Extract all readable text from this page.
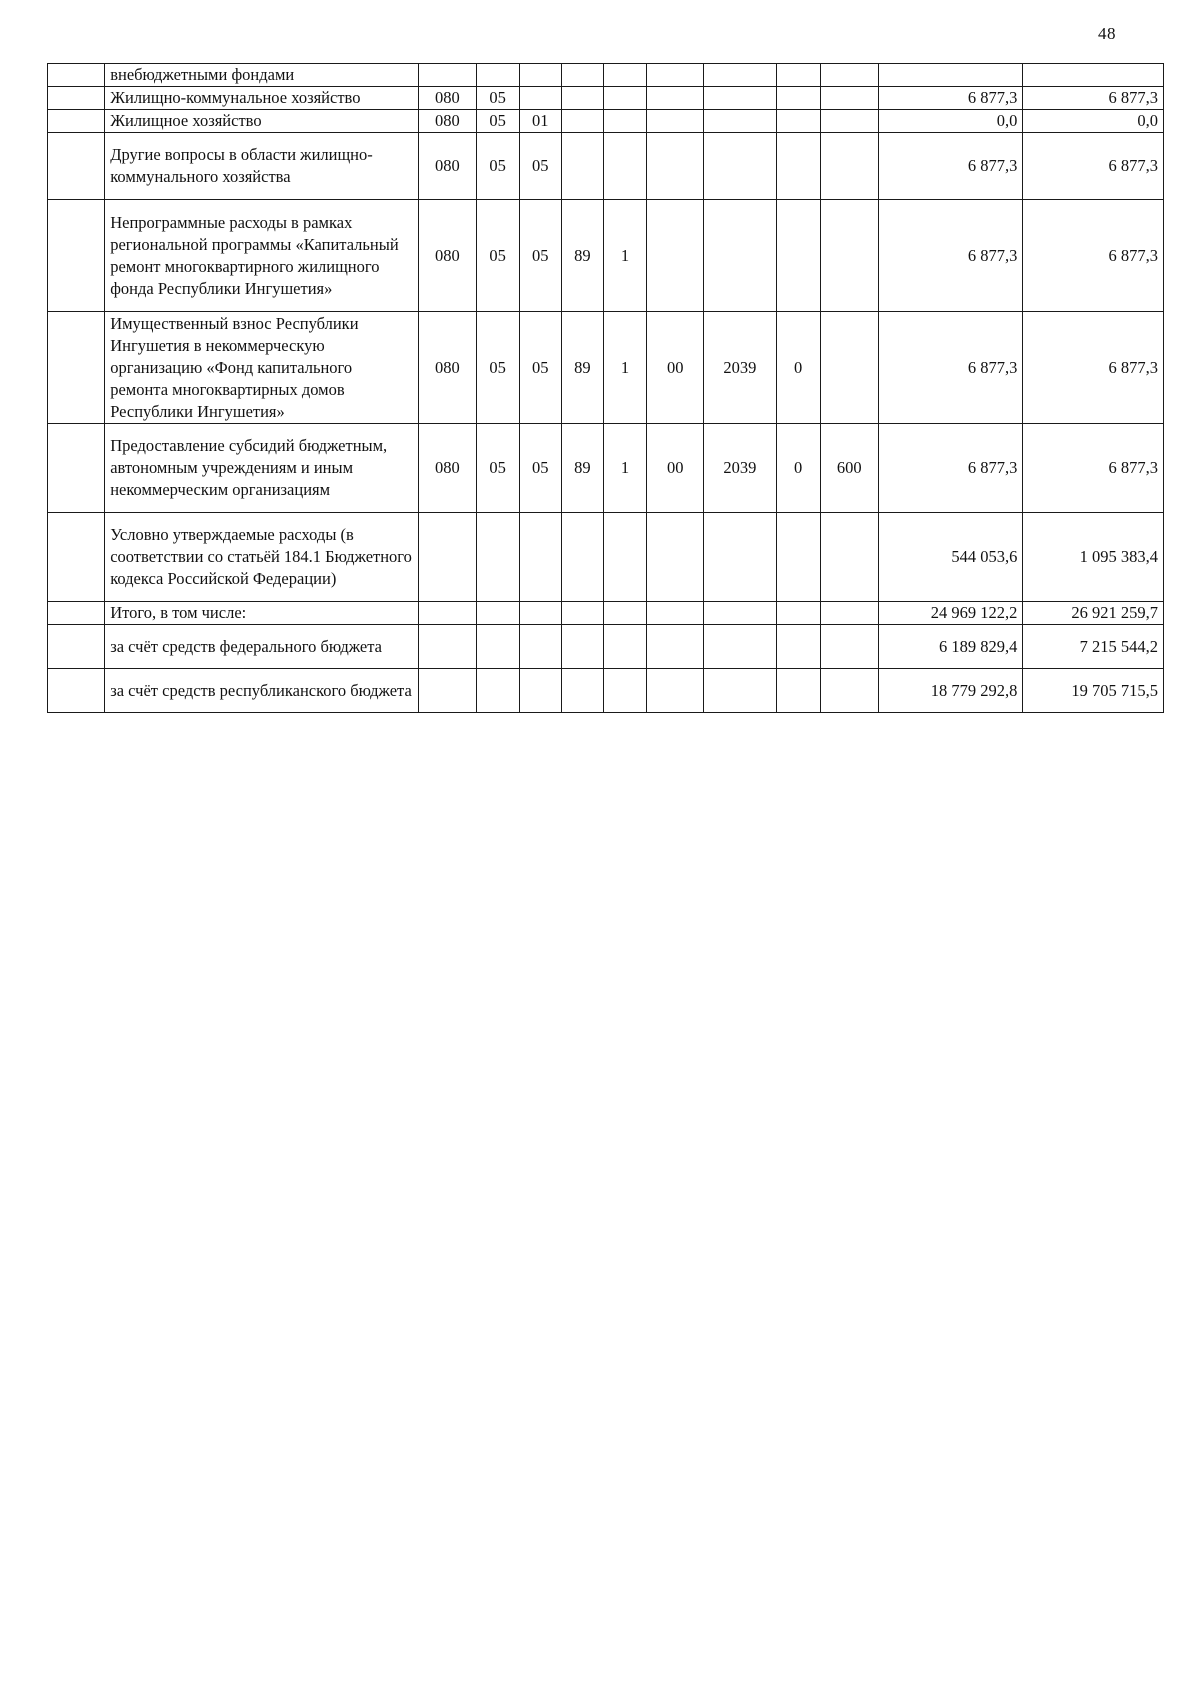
48
	внебюджетными фондами											
	Жилищно-коммунальное хозяйство	080	05								6 877,3	6 877,3
	Жилищное хозяйство	080	05	01							0,0	0,0
	Другие вопросы в области жилищно-коммунального хозяйства	080	05	05							6 877,3	6 877,3
	Непрограммные расходы в рамках региональной программы «Капитальный ремонт многоквартирного жилищного фонда Республики Ингушетия»	080	05	05	89	1					6 877,3	6 877,3
	Имущественный взнос Республики Ингушетия в некоммерческую организацию «Фонд капитального ремонта многоквартирных домов Республики Ингушетия»	080	05	05	89	1	00	2039	0		6 877,3	6 877,3
	Предоставление субсидий бюджетным, автономным учреждениям и иным некоммерческим организациям	080	05	05	89	1	00	2039	0	600	6 877,3	6 877,3
	Условно утверждаемые расходы (в соответствии со статьёй 184.1 Бюджетного кодекса Российской Федерации)										544 053,6	1 095 383,4
	Итого, в том числе:										24 969 122,2	26 921 259,7
	за счёт средств федерального бюджета										6 189 829,4	7 215 544,2
	за счёт средств республиканского бюджета										18 779 292,8	19 705 715,5
